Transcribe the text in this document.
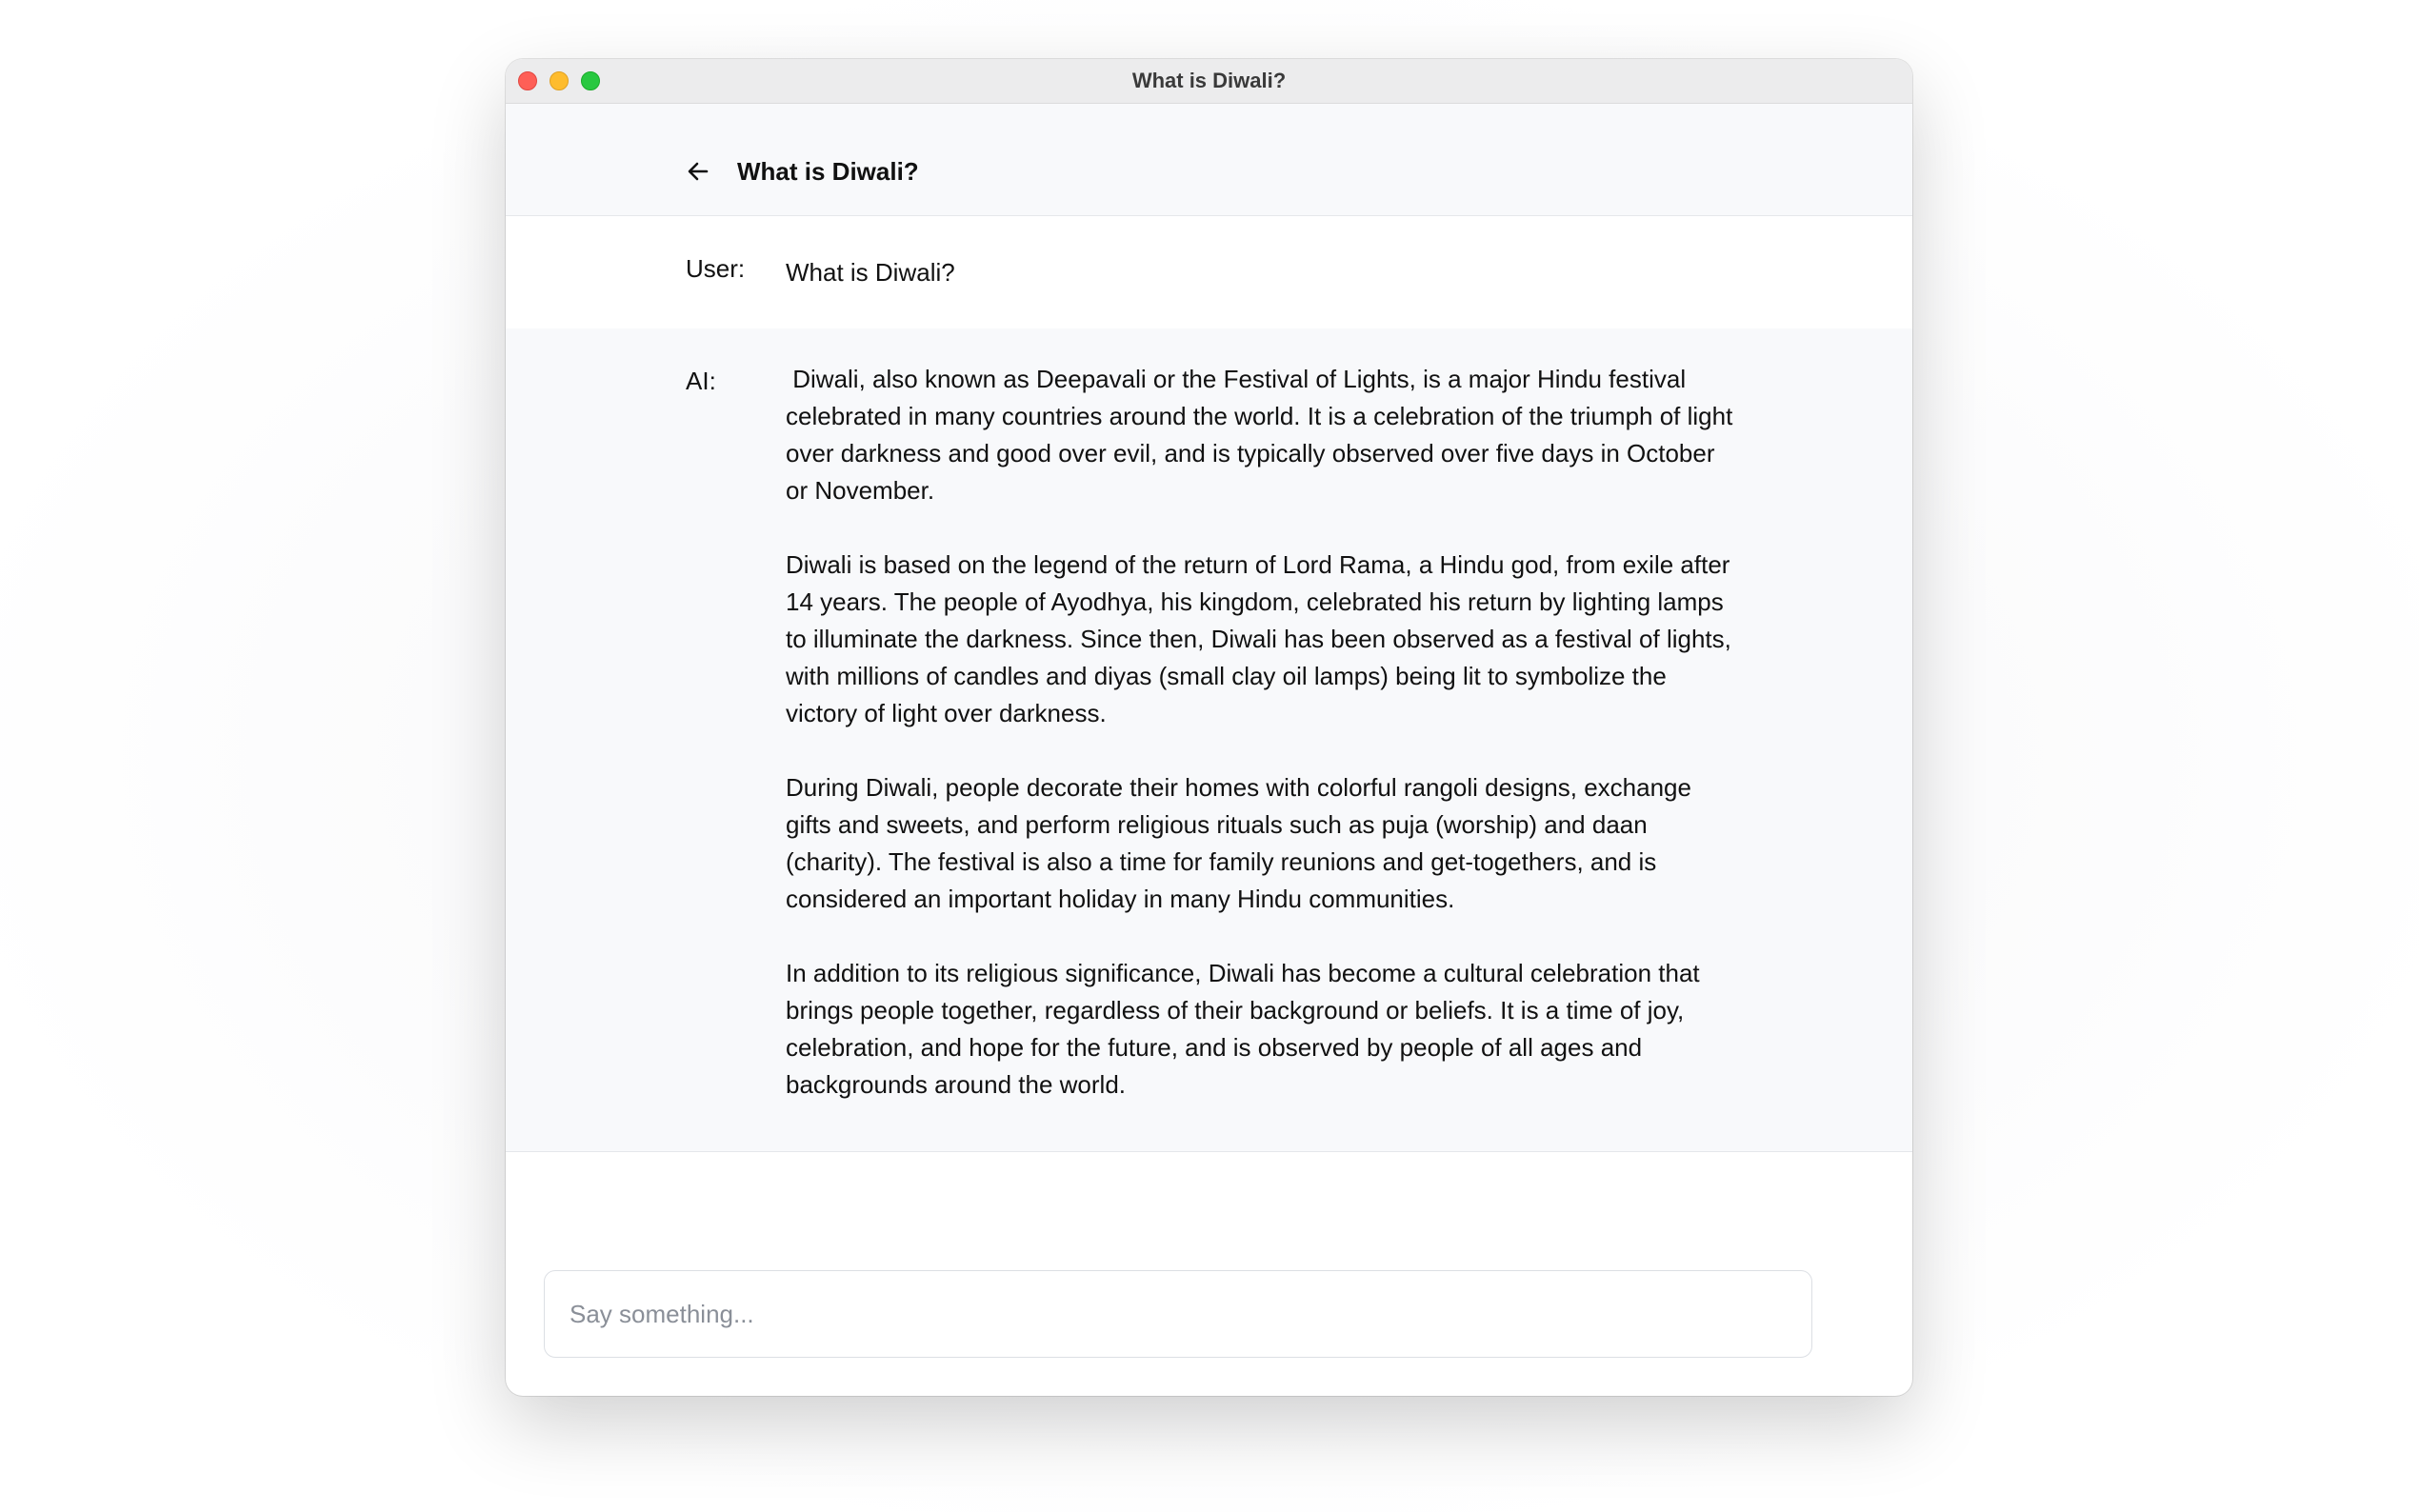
What is Diwali?
What is Diwali?
User: What is Diwali?
AI:	Diwali, also known as Deepavali or the Festival of Lights, is a major Hindu festival celebrated in many countries around the world. It is a celebration of the triumph of light over darkness and good over evil, and is typically observed over five days in October or November.

Diwali is based on the legend of the return of Lord Rama, a Hindu god, from exile after 14 years. The people of Ayodhya, his kingdom, celebrated his return by lighting lamps to illuminate the darkness. Since then, Diwali has been observed as a festival of lights, with millions of candles and diyas (small clay oil lamps) being lit to symbolize the victory of light over darkness.

During Diwali, people decorate their homes with colorful rangoli designs, exchange gifts and sweets, and perform religious rituals such as puja (worship) and daan (charity). The festival is also a time for family reunions and get-togethers, and is considered an important holiday in many Hindu communities.

In addition to its religious significance, Diwali has become a cultural celebration that brings people together, regardless of their background or beliefs. It is a time of joy, celebration, and hope for the future, and is observed by people of all ages and backgrounds around the world.

Say something...
